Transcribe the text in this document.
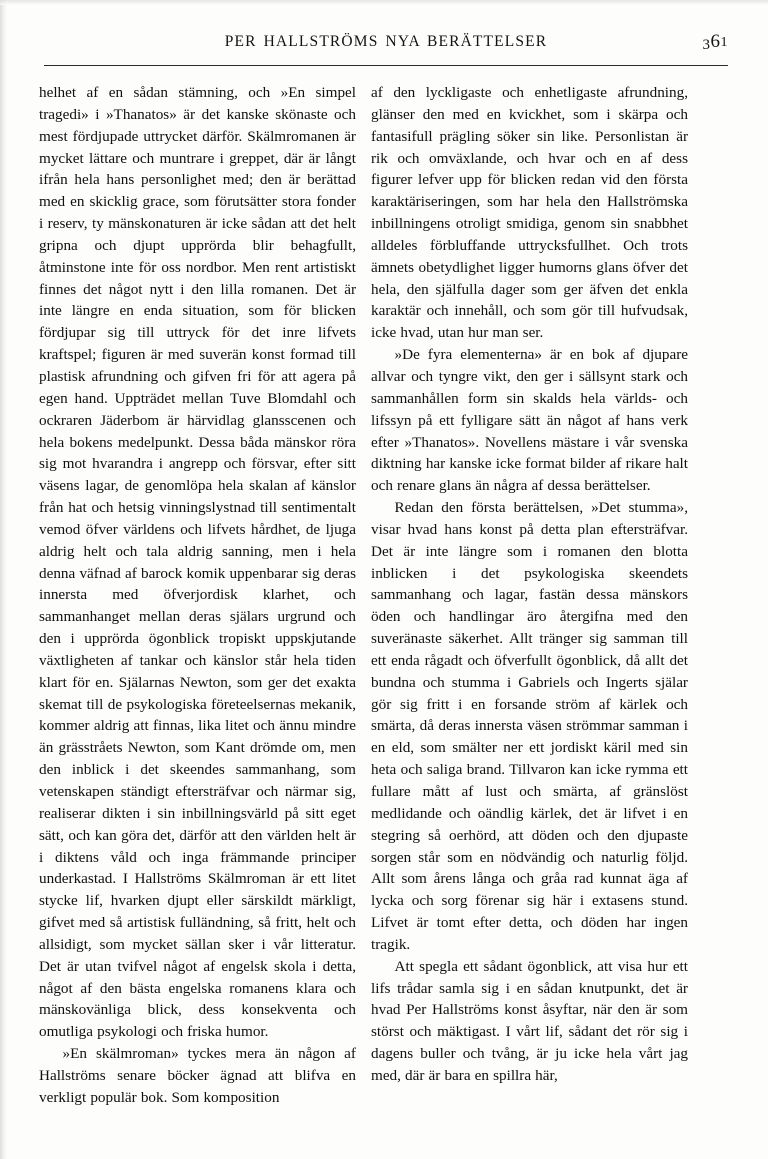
PER HALLSTRÖMS NYA BERÄTTELSER	361

helhet af en sådan stämning, och »En simpel tragedi» i »Thanatos» är det kanske skönaste och mest fördjupade uttrycket därför. Skälmromanen är mycket lättare och muntrare i greppet, där är långt ifrån hela hans personlighet med; den är berättad med en skicklig grace, som förutsätter stora fonder i reserv, ty mänskonaturen är icke sådan att det helt gripna och djupt upprörda blir behagfullt, åtminstone inte för oss nordbor. Men rent artistiskt finnes det något nytt i den lilla romanen. Det är inte längre en enda situation, som för blicken fördjupar sig till uttryck för det inre lifvets kraftspel; figuren är med suverän konst formad till plastisk afrundning och gifven fri för att agera på egen hand. Uppträdet mellan Tuve Blomdahl och ockraren Jäderbom är härvidlag glansscenen och hela bokens medelpunkt. Dessa båda mänskor röra sig mot hvarandra i angrepp och försvar, efter sitt väsens lagar, de genomlöpa hela skalan af känslor från hat och hetsig vinningslystnad till sentimentalt vemod öfver världens och lifvets hårdhet, de ljuga aldrig helt och tala aldrig sanning, men i hela denna väfnad af barock komik uppenbarar sig deras innersta med öfverjordisk klarhet, och sammanhanget mellan deras själars urgrund och den i upprörda ögonblick tropiskt uppskjutande växtligheten af tankar och känslor står hela tiden klart för en. Själarnas Newton, som ger det exakta skemat till de psykologiska företeelsernas mekanik, kommer aldrig att finnas, lika litet och ännu mindre än grässtråets Newton, som Kant drömde om, men den inblick i det skeendes sammanhang, som vetenskapen ständigt eftersträfvar och närmar sig, realiserar dikten i sin inbillningsvärld på sitt eget sätt, och kan göra det, därför att den världen helt är i diktens våld och inga främmande principer underkastad. I Hallströms Skälmroman är ett litet stycke lif, hvarken djupt eller särskildt märkligt, gifvet med så artistisk fulländning, så fritt, helt och allsidigt, som mycket sällan sker i vår litteratur. Det är utan tvifvel något af engelsk skola i detta, något af den bästa engelska romanens klara och mänskovänliga blick, dess konsekventa och omutliga psykologi och friska humor.

»En skälmroman» tyckes mera än någon af Hallströms senare böcker ägnad att blifva en verkligt populär bok. Som komposition

af den lyckligaste och enhetligaste afrundning, glänser den med en kvickhet, som i skärpa och fantasifull prägling söker sin like. Personlistan är rik och omväxlande, och hvar och en af dess figurer lefver upp för blicken redan vid den första karaktäriseringen, som har hela den Hallströmska inbillningens otroligt smidiga, genom sin snabbhet alldeles förbluffande uttrycksfullhet. Och trots ämnets obetydlighet ligger humorns glans öfver det hela, den själfulla dager som ger äfven det enkla karaktär och innehåll, och som gör till hufvudsak, icke hvad, utan hur man ser.

»De fyra elementerna» är en bok af djupare allvar och tyngre vikt, den ger i sällsynt stark och sammanhållen form sin skalds hela världs- och lifssyn på ett fylligare sätt än något af hans verk efter »Thanatos». Novellens mästare i vår svenska diktning har kanske icke format bilder af rikare halt och renare glans än några af dessa berättelser.

Redan den första berättelsen, »Det stumma», visar hvad hans konst på detta plan eftersträfvar. Det är inte längre som i romanen den blotta inblicken i det psykologiska skeendets sammanhang och lagar, fastän dessa mänskors öden och handlingar äro återgifna med den suveränaste säkerhet. Allt tränger sig samman till ett enda rågadt och öfverfullt ögonblick, då allt det bundna och stumma i Gabriels och Ingerts själar gör sig fritt i en forsande ström af kärlek och smärta, då deras innersta väsen strömmar samman i en eld, som smälter ner ett jordiskt käril med sin heta och saliga brand. Tillvaron kan icke rymma ett fullare mått af lust och smärta, af gränslöst medlidande och oändlig kärlek, det är lifvet i en stegring så oerhörd, att döden och den djupaste sorgen står som en nödvändig och naturlig följd. Allt som årens långa och gråa rad kunnat äga af lycka och sorg förenar sig här i extasens stund. Lifvet är tomt efter detta, och döden har ingen tragik.

Att spegla ett sådant ögonblick, att visa hur ett lifs trådar samla sig i en sådan knutpunkt, det är hvad Per Hallströms konst åsyftar, när den är som störst och mäktigast. I vårt lif, sådant det rör sig i dagens buller och tvång, är ju icke hela vårt jag med, där är bara en spillra här,
